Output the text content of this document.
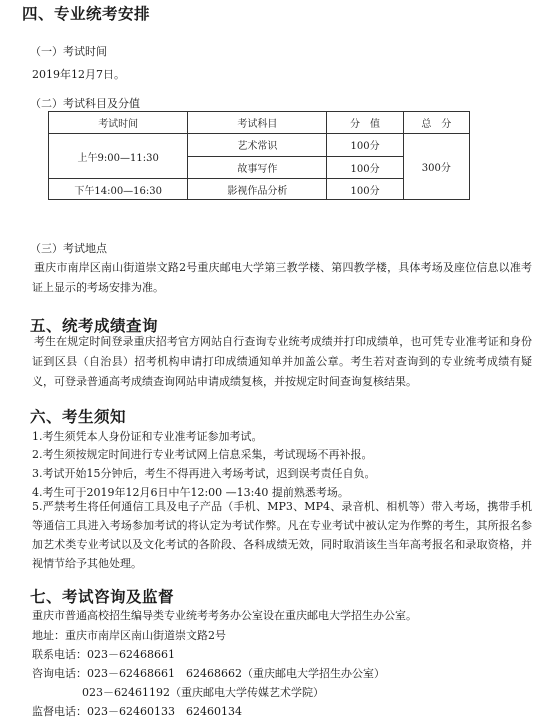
四、专业统考安排
（一）考试时间
2019年12月7日。
（二）考试科目及分值
考试时间	考试科目	分　值	总　分
上午9:00—11:30	艺术常识	100分	300分
	故事写作	100分	
下午14:00—16:30	影视作品分析	100分	
（三）考试地点
重庆市南岸区南山街道崇文路2号重庆邮电大学第三教学楼、第四教学楼，具体考场及座位信息以准考证上显示的考场安排为准。
五、统考成绩查询
考生在规定时间登录重庆招考官方网站自行查询专业统考成绩并打印成绩单，也可凭专业准考证和身份证到区县（自治县）招考机构申请打印成绩通知单并加盖公章。考生若对查询到的专业统考成绩有疑义，可登录普通高考成绩查询网站申请成绩复核，并按规定时间查询复核结果。
六、考生须知
1.考生须凭本人身份证和专业准考证参加考试。
2.考生须按规定时间进行专业考试网上信息采集，考试现场不再补报。
3.考试开始15分钟后，考生不得再进入考场考试，迟到误考责任自负。
4.考生可于2019年12月6日中午12:00 —13:40 提前熟悉考场。
5.严禁考生将任何通信工具及电子产品（手机、MP3、MP4、录音机、相机等）带入考场，携带手机等通信工具进入考场参加考试的将认定为考试作弊。凡在专业考试中被认定为作弊的考生，其所报名参加艺术类专业考试以及文化考试的各阶段、各科成绩无效，同时取消该生当年高考报名和录取资格，并视情节给予其他处理。
七、考试咨询及监督
重庆市普通高校招生编导类专业统考考务办公室设在重庆邮电大学招生办公室。
地址：重庆市南岸区南山街道崇文路2号
联系电话：023－62468661
咨询电话：023－62468661　62468662（重庆邮电大学招生办公室）
023－62461192（重庆邮电大学传媒艺术学院）
监督电话：023－62460133　62460134
